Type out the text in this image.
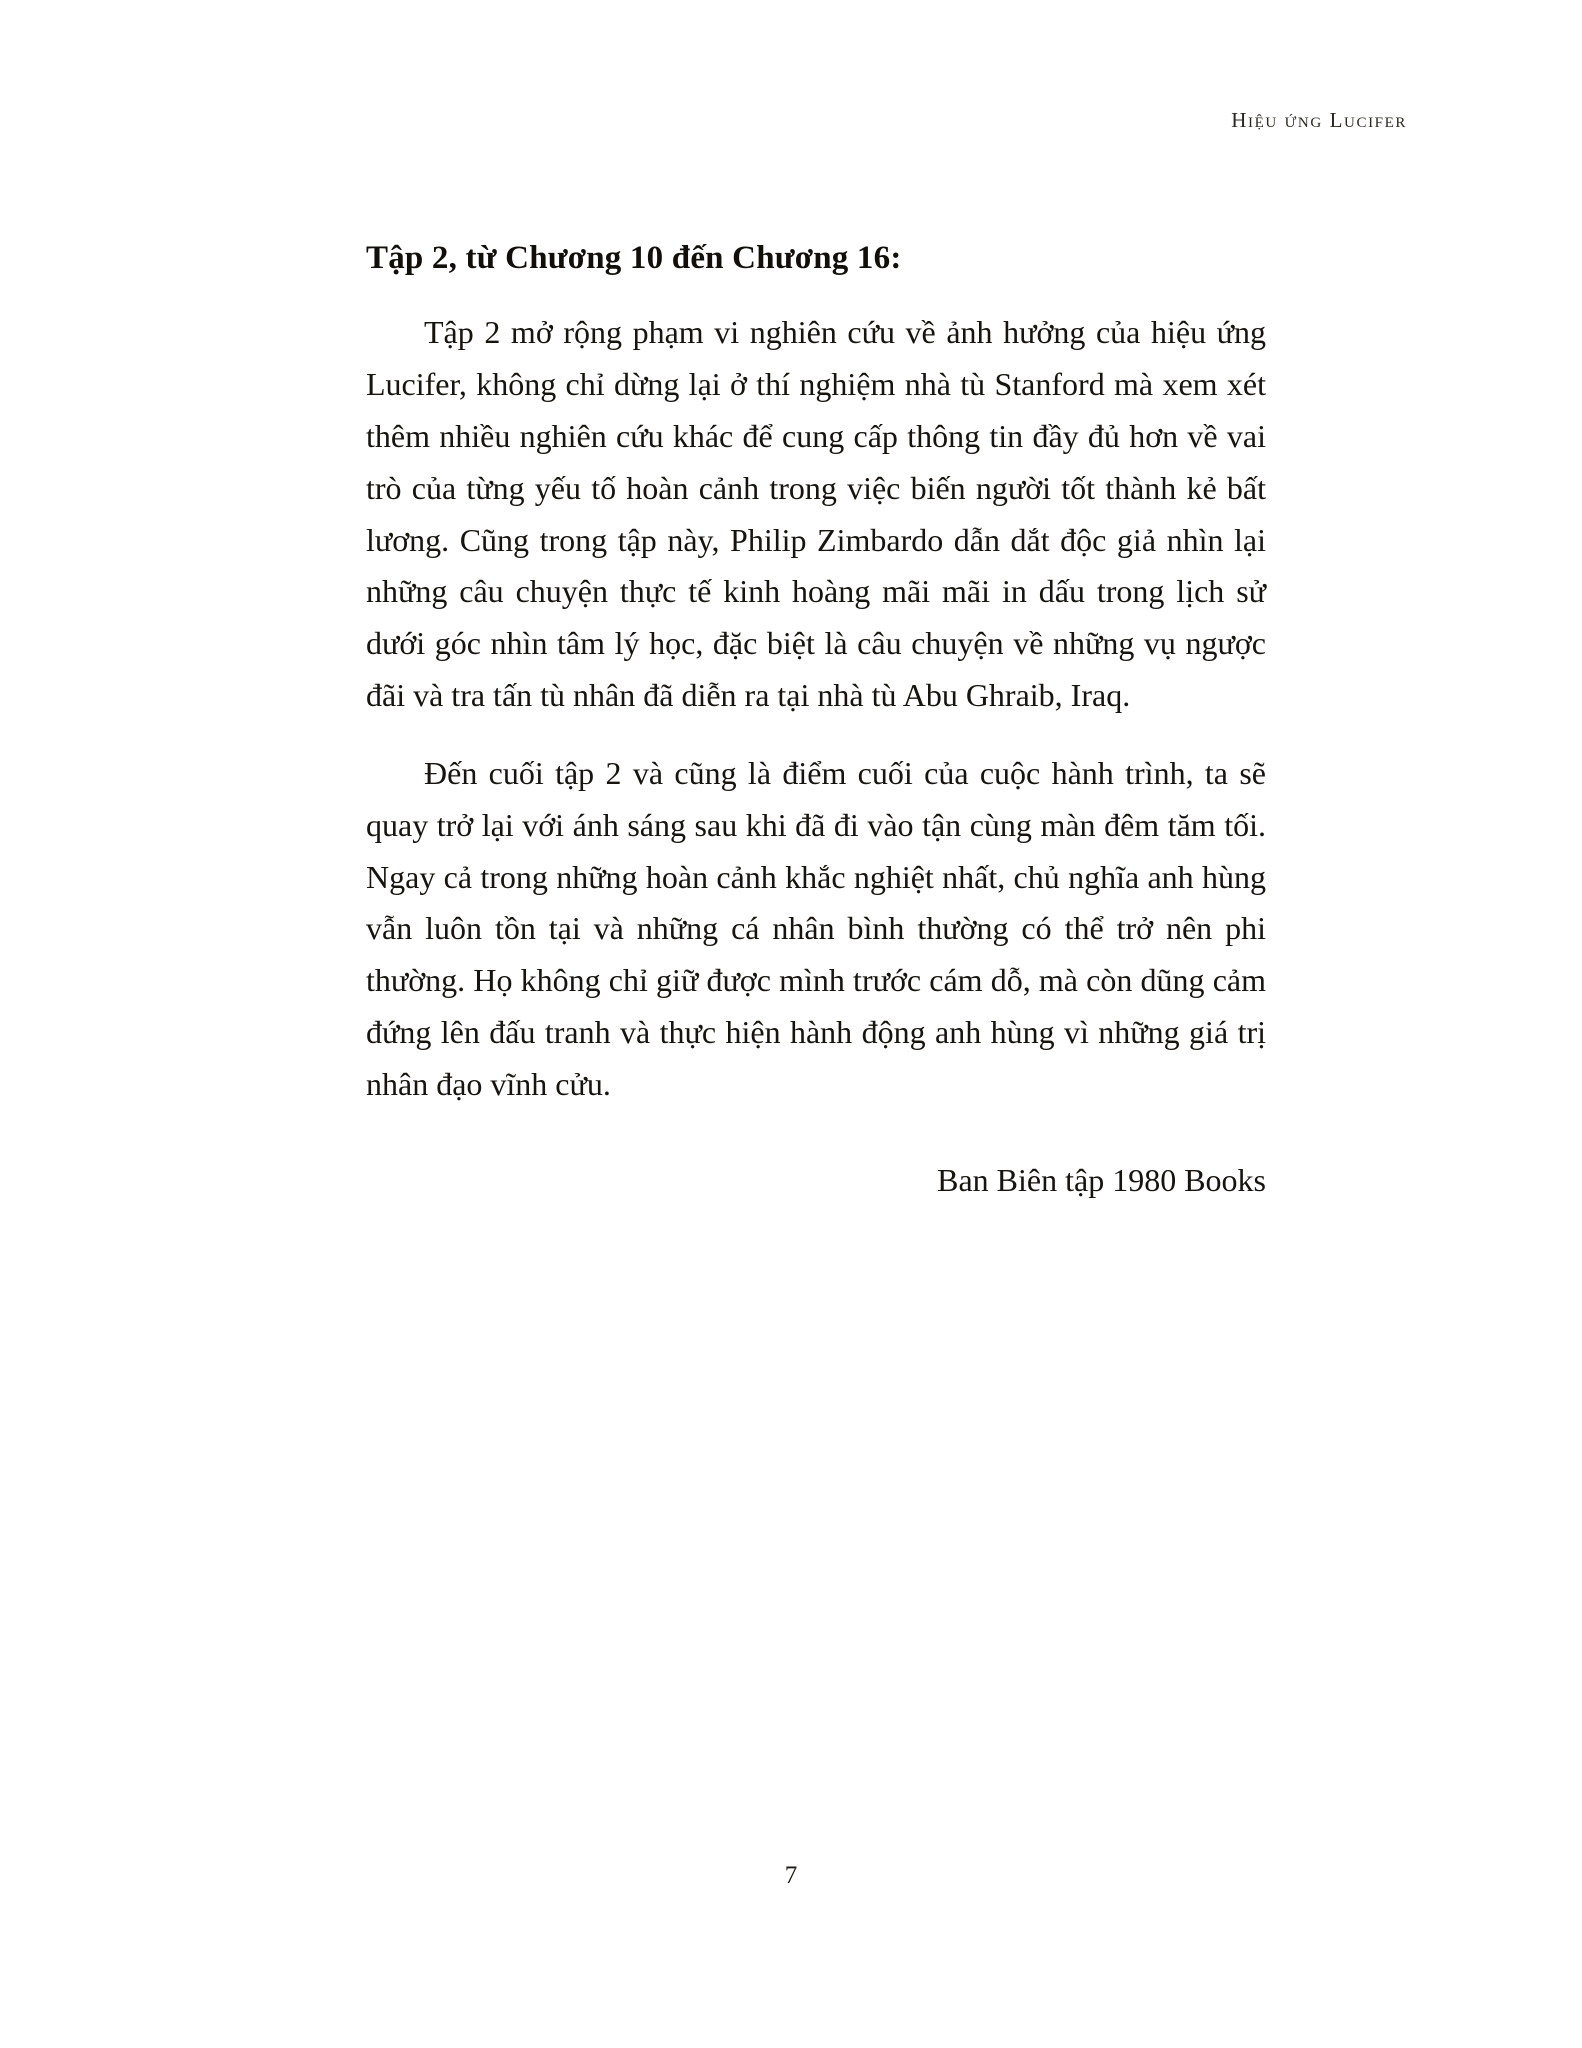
Hiệu ứng Lucifer
Tập 2, từ Chương 10 đến Chương 16:

Tập 2 mở rộng phạm vi nghiên cứu về ảnh hưởng của hiệu ứng Lucifer, không chỉ dừng lại ở thí nghiệm nhà tù Stanford mà xem xét thêm nhiều nghiên cứu khác để cung cấp thông tin đầy đủ hơn về vai trò của từng yếu tố hoàn cảnh trong việc biến người tốt thành kẻ bất lương. Cũng trong tập này, Philip Zimbardo dẫn dắt độc giả nhìn lại những câu chuyện thực tế kinh hoàng mãi mãi in dấu trong lịch sử dưới góc nhìn tâm lý học, đặc biệt là câu chuyện về những vụ ngược đãi và tra tấn tù nhân đã diễn ra tại nhà tù Abu Ghraib, Iraq.

Đến cuối tập 2 và cũng là điểm cuối của cuộc hành trình, ta sẽ quay trở lại với ánh sáng sau khi đã đi vào tận cùng màn đêm tăm tối. Ngay cả trong những hoàn cảnh khắc nghiệt nhất, chủ nghĩa anh hùng vẫn luôn tồn tại và những cá nhân bình thường có thể trở nên phi thường. Họ không chỉ giữ được mình trước cám dỗ, mà còn dũng cảm đứng lên đấu tranh và thực hiện hành động anh hùng vì những giá trị nhân đạo vĩnh cửu.

Ban Biên tập 1980 Books

7
